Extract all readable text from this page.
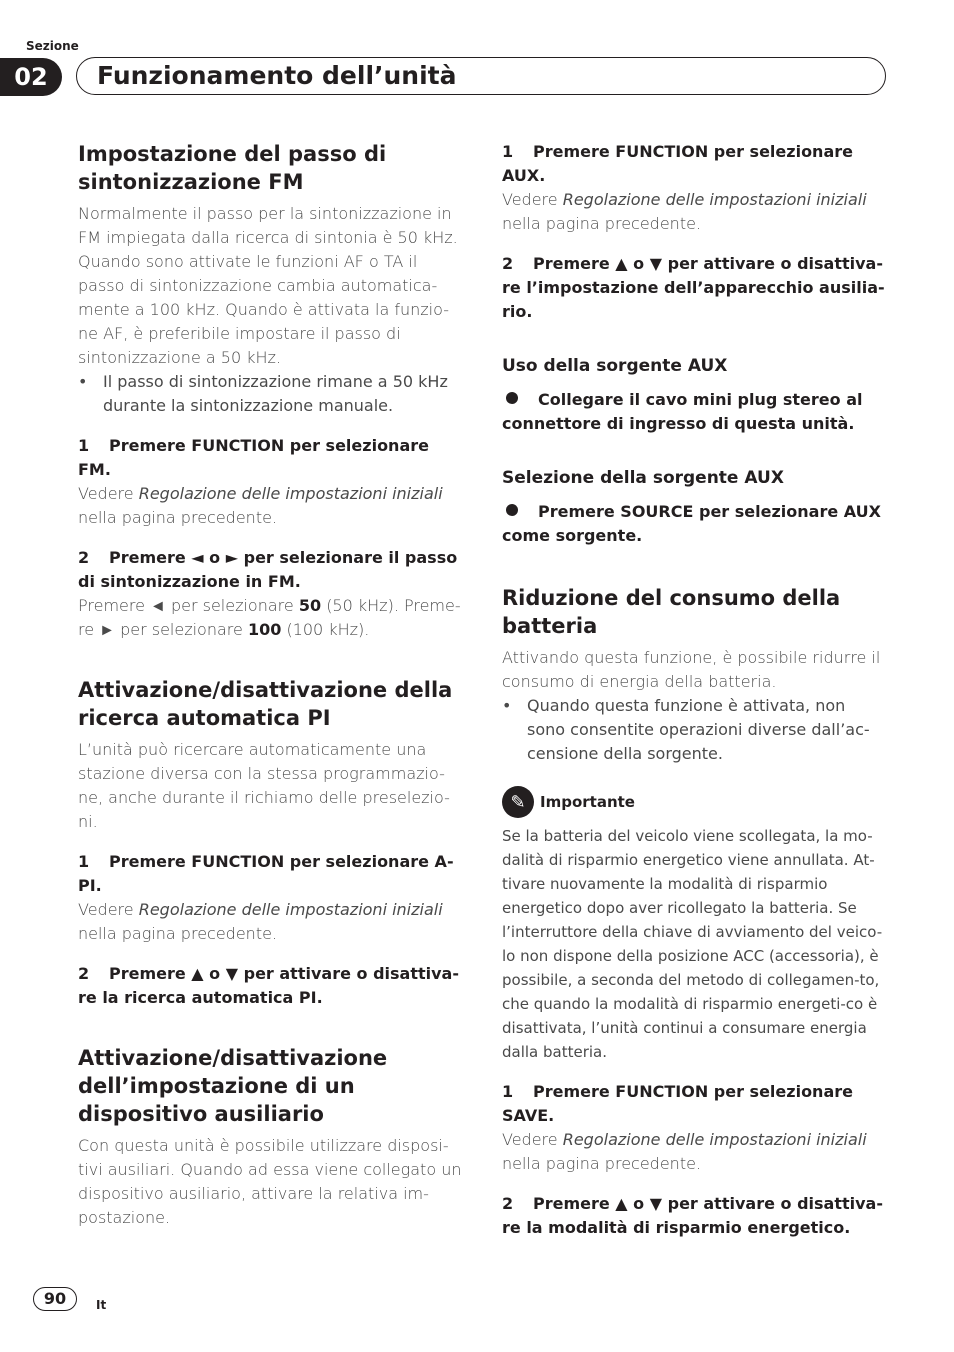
Sezione
02	Funzionamento dell’unità
Impostazione del passo di sintonizzazione FM

Normalmente il passo per la sintonizzazione in FM impiegata dalla ricerca di sintonia è 50 kHz. Quando sono attivate le funzioni AF o TA il passo di sintonizzazione cambia automatica-mente a 100 kHz. Quando è attivata la funzio-ne AF, è preferibile impostare il passo di sintonizzazione a 50 kHz.

• Il passo di sintonizzazione rimane a 50 kHz durante la sintonizzazione manuale.

1 Premere FUNCTION per selezionare FM.

Vedere Regolazione delle impostazioni iniziali nella pagina precedente.

2 Premere ◄ o ► per selezionare il passo di sintonizzazione in FM.

Premere ◄ per selezionare 50 (50 kHz). Preme-re ► per selezionare 100 (100 kHz).

Attivazione/disattivazione della ricerca automatica PI

L’unità può ricercare automaticamente una stazione diversa con la stessa programmazio-ne, anche durante il richiamo delle preselezio-ni.

1 Premere FUNCTION per selezionare A-PI.

Vedere Regolazione delle impostazioni iniziali nella pagina precedente.

2 Premere ▲ o ▼ per attivare o disattiva-re la ricerca automatica PI.

Attivazione/disattivazione dell’impostazione di un dispositivo ausiliario

Con questa unità è possibile utilizzare disposi-tivi ausiliari. Quando ad essa viene collegato un dispositivo ausiliario, attivare la relativa im-postazione.

1 Premere FUNCTION per selezionare AUX.

Vedere Regolazione delle impostazioni iniziali nella pagina precedente.

2 Premere ▲ o ▼ per attivare o disattiva-re l’impostazione dell’apparecchio ausilia-rio.

Uso della sorgente AUX

Collegare il cavo mini plug stereo al connettore di ingresso di questa unità.

Selezione della sorgente AUX

Premere SOURCE per selezionare AUX come sorgente.

Riduzione del consumo della batteria

Attivando questa funzione, è possibile ridurre il consumo di energia della batteria.

• Quando questa funzione è attivata, non sono consentite operazioni diverse dall’ac-censione della sorgente.
✎ Importante

Se la batteria del veicolo viene scollegata, la mo-dalità di risparmio energetico viene annullata. At-tivare nuovamente la modalità di risparmio energetico dopo aver ricollegato la batteria. Se l’interruttore della chiave di avviamento del veico-lo non dispone della posizione ACC (accessoria), è possibile, a seconda del metodo di collegamen-to, che quando la modalità di risparmio energeti-co è disattivata, l’unità continui a consumare energia dalla batteria.

1 Premere FUNCTION per selezionare SAVE.

Vedere Regolazione delle impostazioni iniziali nella pagina precedente.

2 Premere ▲ o ▼ per attivare o disattiva-re la modalità di risparmio energetico.

90	It
